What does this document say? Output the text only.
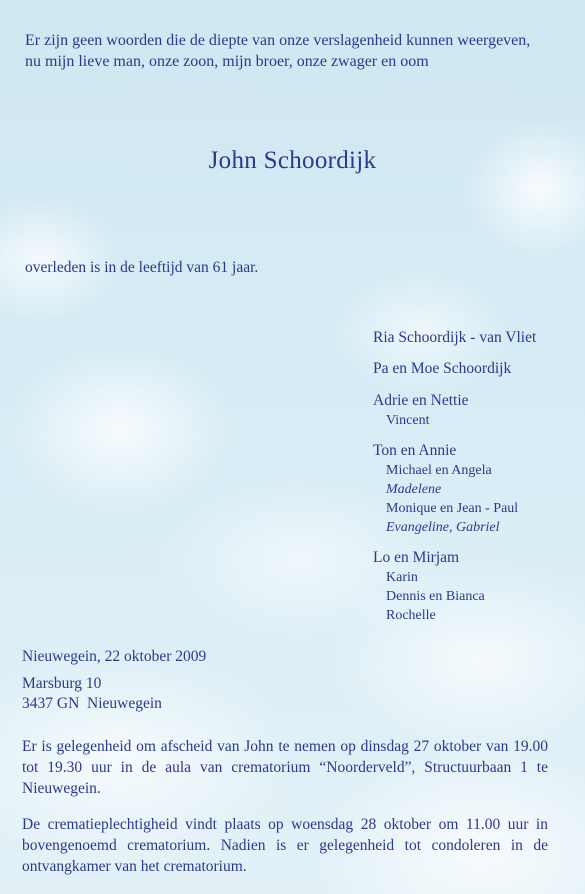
Er zijn geen woorden die de diepte van onze verslagenheid kunnen weergeven,
nu mijn lieve man, onze zoon, mijn broer, onze zwager en oom
John Schoordijk
overleden is in de leeftijd van 61 jaar.
Ria Schoordijk - van Vliet
Pa en Moe Schoordijk
Adrie en Nettie
Vincent
Ton en Annie
Michael en Angela
Madelene
Monique en Jean - Paul
Evangeline, Gabriel
Lo en Mirjam
Karin
Dennis en Bianca
Rochelle
Nieuwegein, 22 oktober 2009
Marsburg 10
3437 GN  Nieuwegein
Er is gelegenheid om afscheid van John te nemen op dinsdag 27 oktober van 19.00 tot 19.30 uur in de aula van crematorium “Noorderveld”, Structuurbaan 1 te Nieuwegein.
De crematieplechtigheid vindt plaats op woensdag 28 oktober om 11.00 uur in bovengenoemd crematorium. Nadien is er gelegenheid tot condoleren in de ontvangkamer van het crematorium.
